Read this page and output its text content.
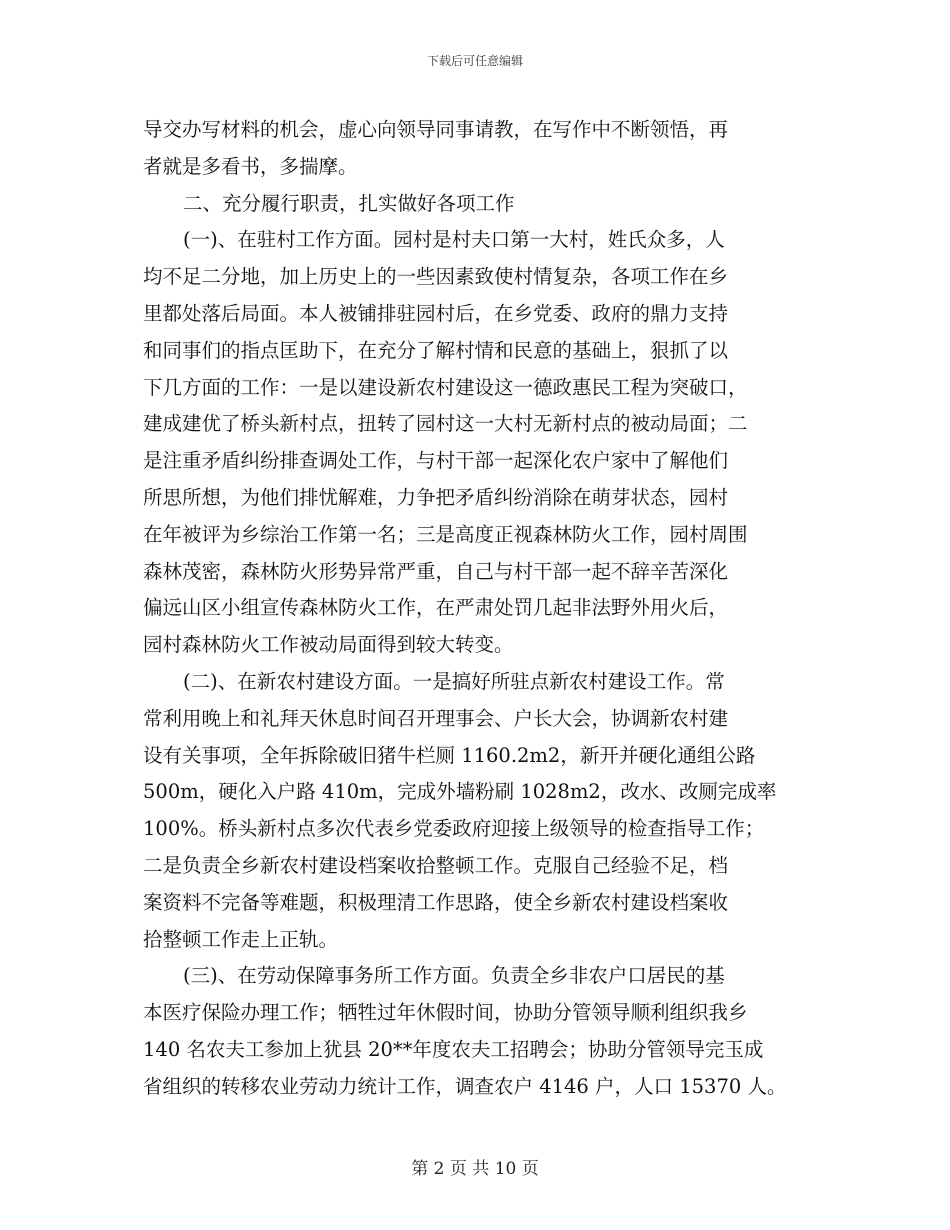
下载后可任意编辑
导交办写材料的机会，虚心向领导同事请教，在写作中不断领悟，再
者就是多看书，多揣摩。
二、充分履行职责，扎实做好各项工作
(一)、在驻村工作方面。园村是村夫口第一大村，姓氏众多，人
均不足二分地，加上历史上的一些因素致使村情复杂，各项工作在乡
里都处落后局面。本人被铺排驻园村后，在乡党委、政府的鼎力支持
和同事们的指点匡助下，在充分了解村情和民意的基础上，狠抓了以
下几方面的工作：一是以建设新农村建设这一德政惠民工程为突破口，
建成建优了桥头新村点，扭转了园村这一大村无新村点的被动局面；二
是注重矛盾纠纷排查调处工作，与村干部一起深化农户家中了解他们
所思所想，为他们排忧解难，力争把矛盾纠纷消除在萌芽状态，园村
在年被评为乡综治工作第一名；三是高度正视森林防火工作，园村周围
森林茂密，森林防火形势异常严重，自己与村干部一起不辞辛苦深化
偏远山区小组宣传森林防火工作，在严肃处罚几起非法野外用火后，
园村森林防火工作被动局面得到较大转变。
(二)、在新农村建设方面。一是搞好所驻点新农村建设工作。常
常利用晚上和礼拜天休息时间召开理事会、户长大会，协调新农村建
设有关事项，全年拆除破旧猪牛栏厕 1160.2m2，新开并硬化通组公路
500m，硬化入户路 410m，完成外墙粉刷 1028m2，改水、改厕完成率
100%。桥头新村点多次代表乡党委政府迎接上级领导的检查指导工作；
二是负责全乡新农村建设档案收拾整顿工作。克服自己经验不足，档
案资料不完备等难题，积极理清工作思路，使全乡新农村建设档案收
拾整顿工作走上正轨。
(三)、在劳动保障事务所工作方面。负责全乡非农户口居民的基
本医疗保险办理工作；牺牲过年休假时间，协助分管领导顺利组织我乡
140 名农夫工参加上犹县 20**年度农夫工招聘会；协助分管领导完玉成
省组织的转移农业劳动力统计工作，调查农户 4146 户，人口 15370 人。
第 2 页 共 10 页
